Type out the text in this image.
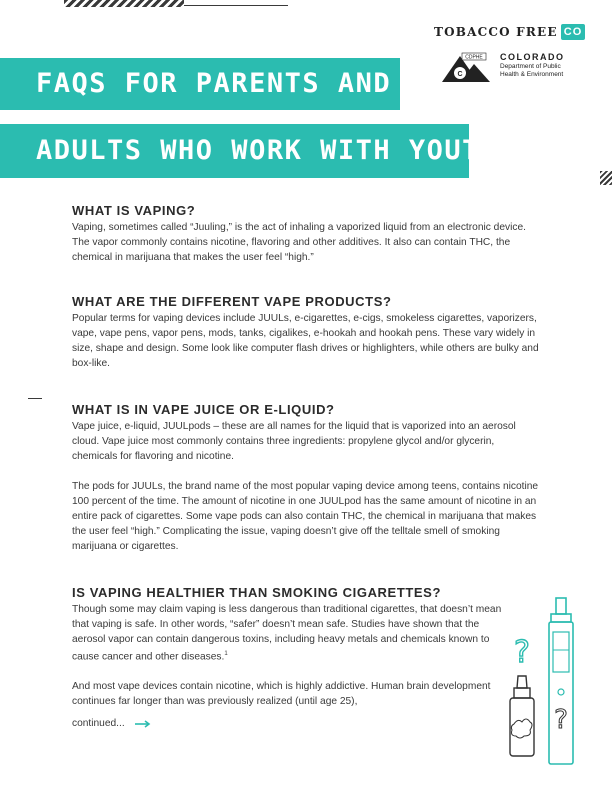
TOBACCO FREE CO
C
CDPHE COLORADO
Department of Public
Health & Environment
FAQS FOR PARENTS AND
ADULTS WHO WORK WITH YOUTH
WHAT IS VAPING?

Vaping, sometimes called “Juuling,” is the act of inhaling a vaporized liquid from an electronic device. The vapor commonly contains nicotine, flavoring and other additives. It also can contain THC, the chemical in marijuana that makes the user feel “high.”

WHAT ARE THE DIFFERENT VAPE PRODUCTS?

Popular terms for vaping devices include JUULs, e-cigarettes, e-cigs, smokeless cigarettes, vaporizers, vape, vape pens, vapor pens, mods, tanks, cigalikes, e-hookah and hookah pens. These vary widely in size, shape and design. Some look like computer flash drives or highlighters, while others are bulky and box-like.

WHAT IS IN VAPE JUICE OR E-LIQUID?

Vape juice, e-liquid, JUULpods – these are all names for the liquid that is vaporized into an aerosol cloud. Vape juice most commonly contains three ingredients: propylene glycol and/or glycerin, chemicals for flavoring and nicotine.

The pods for JUULs, the brand name of the most popular vaping device among teens, contains nicotine 100 percent of the time. The amount of nicotine in one JUULpod has the same amount of nicotine in an entire pack of cigarettes. Some vape pods can also contain THC, the chemical in marijuana that makes the user feel “high.” Complicating the issue, vaping doesn’t give off the telltale smell of smoking marijuana or cigarettes.

IS VAPING HEALTHIER THAN SMOKING CIGARETTES?

Though some may claim vaping is less dangerous than traditional cigarettes, that doesn’t mean that vaping is safe. In other words, “safer” doesn’t mean safe. Studies have shown that the aerosol vapor can contain dangerous toxins, including heavy metals and chemicals known to cause cancer and other diseases.$^1$

And most vape devices contain nicotine, which is highly addictive. Human brain development continues far longer than was previously realized (until age 25),

continued...	?
?
